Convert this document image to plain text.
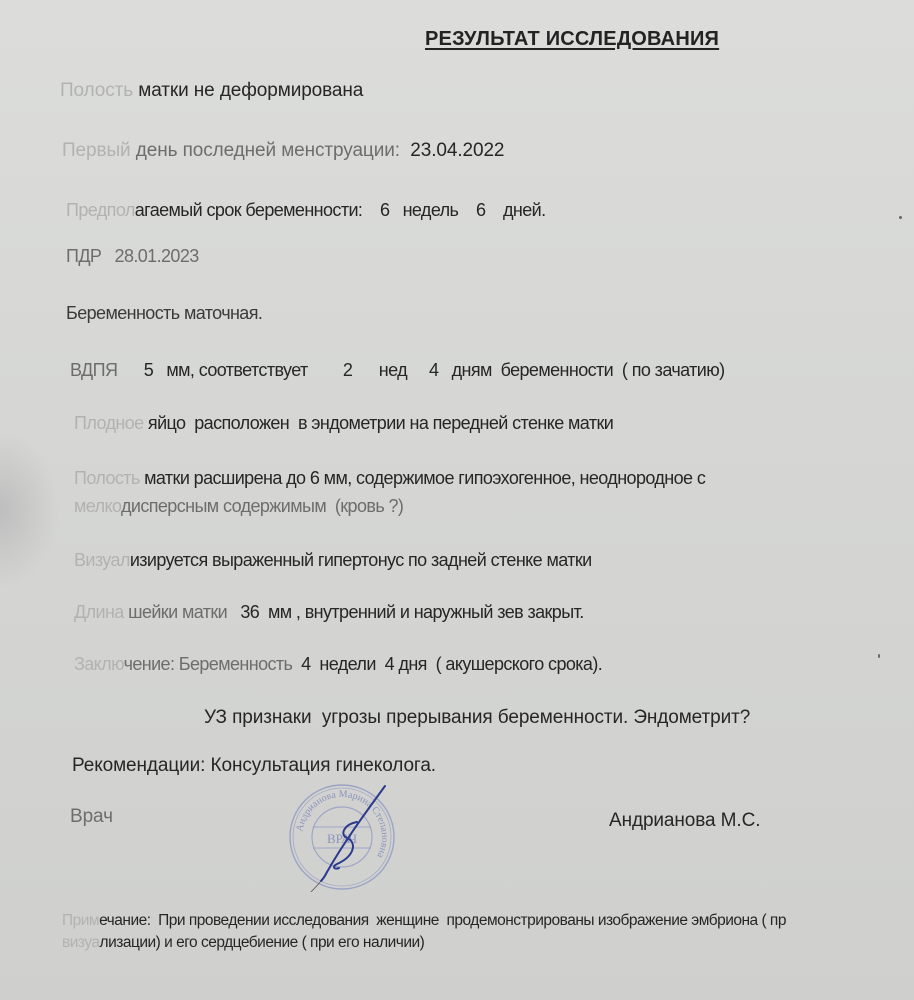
РЕЗУЛЬТАТ ИССЛЕДОВАНИЯ
Полость матки не деформирована
Первый день последней менструации:  23.04.2022
Предполагаемый срок беременности:    6 недель 6 дней.
ПДР 28.01.2023
Беременность маточная.
ВДПЯ 5 мм, соответствует 2 нед 4 дням  беременности  ( по зачатию)
Плодное яйцо  расположен  в эндометрии на передней стенке матки
Полость матки расширена до 6 мм, содержимое гипоэхогенное, неоднородное с
мелкодисперсным содержимым  (кровь ?)
Визуализируется выраженный гипертонус по задней стенке матки
Длина шейки матки   36  мм , внутренний и наружный зев закрыт.
Заключение: Беременность  4 недели 4 дня  ( акушерского срока).
УЗ признаки  угрозы прерывания беременности. Эндометрит?
Рекомендации: Консультация гинеколога.
Врач	Андрианова М.С.
Андрианова Марина Степановна
ВРАЧ
Примечание:  При проведении исследования  женщине  продемонстрированы изображение эмбриона ( пр
визуализации) и его сердцебиение ( при его наличии)
